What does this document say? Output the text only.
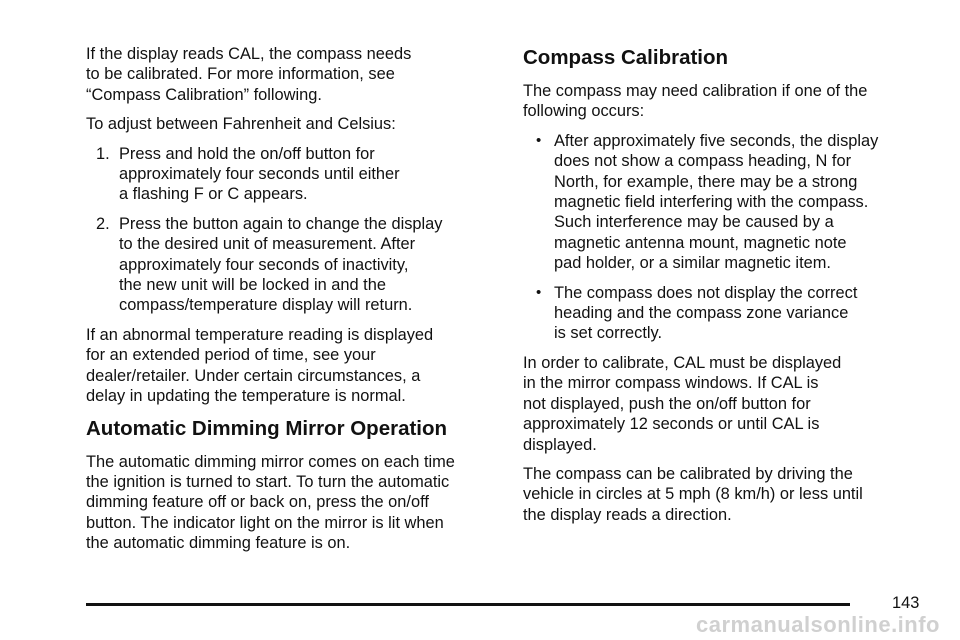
If the display reads CAL, the compass needs
to be calibrated. For more information, see
“Compass Calibration” following.

To adjust between Fahrenheit and Celsius:

1. Press and hold the on/off button for
approximately four seconds until either
a flashing F or C appears.
2. Press the button again to change the display
to the desired unit of measurement. After
approximately four seconds of inactivity,
the new unit will be locked in and the
compass/temperature display will return.

If an abnormal temperature reading is displayed
for an extended period of time, see your
dealer/retailer. Under certain circumstances, a
delay in updating the temperature is normal.

Automatic Dimming Mirror Operation

The automatic dimming mirror comes on each time
the ignition is turned to start. To turn the automatic
dimming feature off or back on, press the on/off
button. The indicator light on the mirror is lit when
the automatic dimming feature is on.

Compass Calibration

The compass may need calibration if one of the
following occurs:

• After approximately five seconds, the display
does not show a compass heading, N for
North, for example, there may be a strong
magnetic field interfering with the compass.
Such interference may be caused by a
magnetic antenna mount, magnetic note
pad holder, or a similar magnetic item.
• The compass does not display the correct
heading and the compass zone variance
is set correctly.

In order to calibrate, CAL must be displayed
in the mirror compass windows. If CAL is
not displayed, push the on/off button for
approximately 12 seconds or until CAL is
displayed.

The compass can be calibrated by driving the
vehicle in circles at 5 mph (8 km/h) or less until
the display reads a direction.

143
carmanualsonline.info
